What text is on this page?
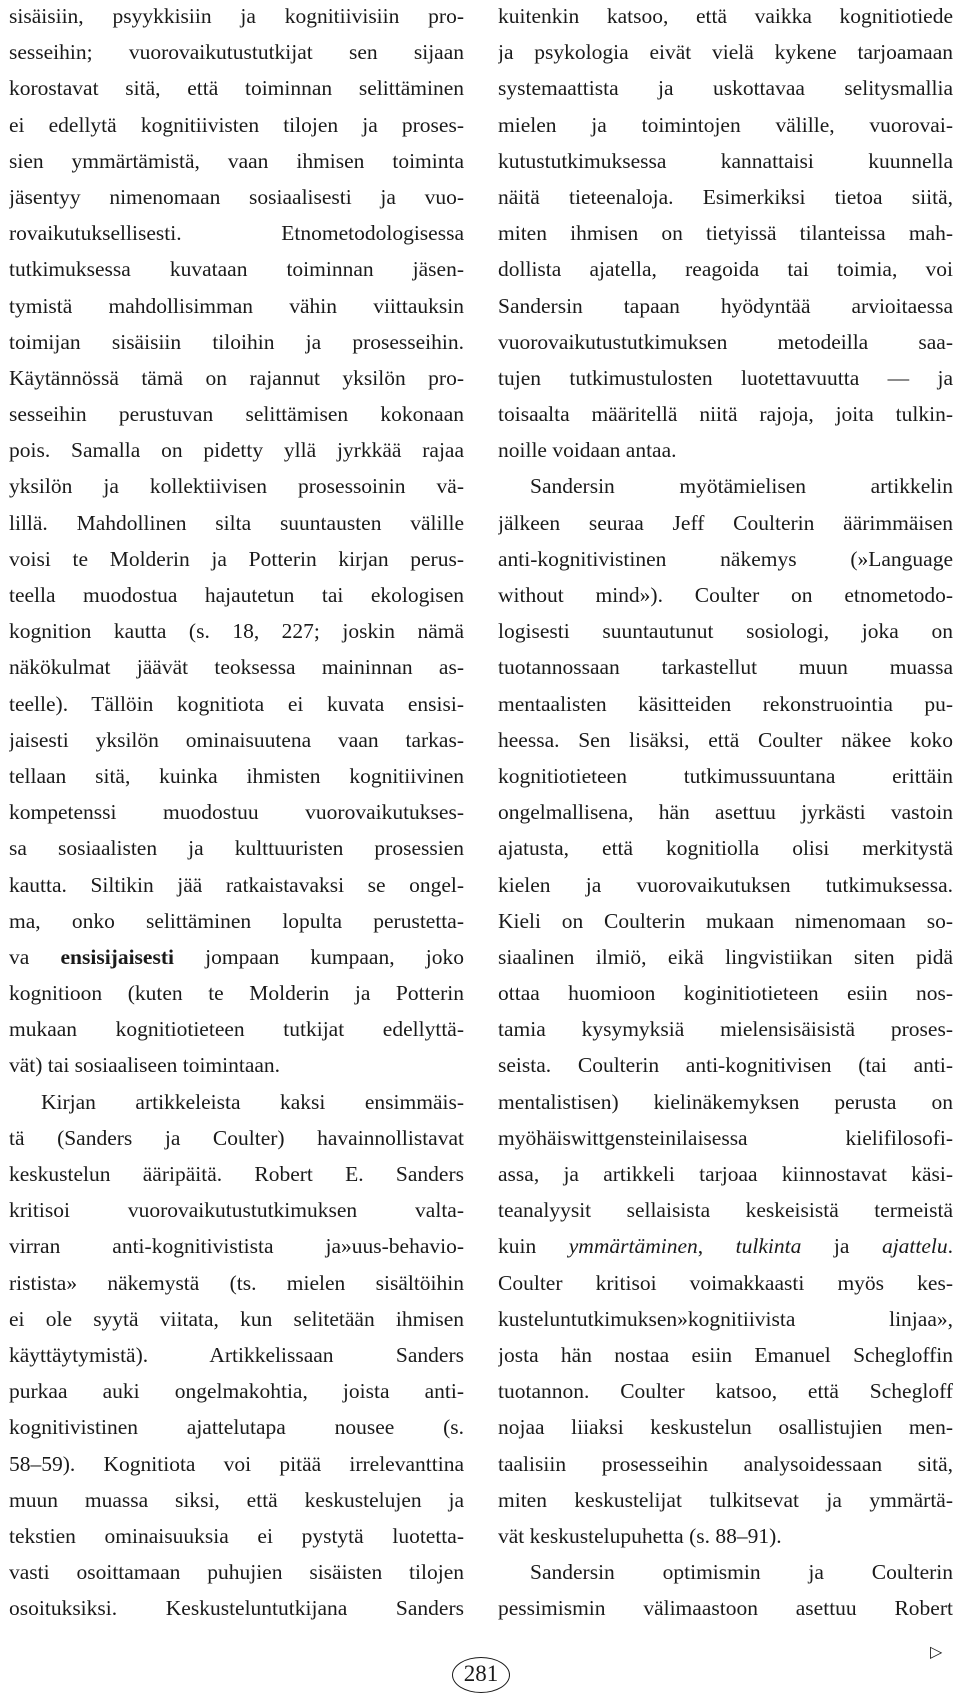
sisäisiin, psyykkisiin ja kognitiivisiin pro-
sesseihin; vuorovaikutustutkijat sen sijaan
korostavat sitä, että toiminnan selittäminen
ei edellytä kognitiivisten tilojen ja proses-
sien ymmärtämistä, vaan ihmisen toiminta
jäsentyy nimenomaan sosiaalisesti ja vuo-
rovaikutuksellisesti. Etnometodologisessa
tutkimuksessa kuvataan toiminnan jäsen-
tymistä mahdollisimman vähin viittauksin
toimijan sisäisiin tiloihin ja prosesseihin.
Käytännössä tämä on rajannut yksilön pro-
sesseihin perustuvan selittämisen kokonaan
pois. Samalla on pidetty yllä jyrkkää rajaa
yksilön ja kollektiivisen prosessoinin vä-
lillä. Mahdollinen silta suuntausten välille
voisi te Molderin ja Potterin kirjan perus-
teella muodostua hajautetun tai ekologisen
kognition kautta (s. 18, 227; joskin nämä
näkökulmat jäävät teoksessa maininnan as-
teelle). Tällöin kognitiota ei kuvata ensisi-
jaisesti yksilön ominaisuutena vaan tarkas-
tellaan sitä, kuinka ihmisten kognitiivinen
kompetenssi muodostuu vuorovaikutukses-
sa sosiaalisten ja kulttuuristen prosessien
kautta. Siltikin jää ratkaistavaksi se ongel-
ma, onko selittäminen lopulta perustetta-
va ensisijaisesti jompaan kumpaan, joko
kognitioon (kuten te Molderin ja Potterin
mukaan kognitiotieteen tutkijat edellyttä-
vät) tai sosiaaliseen toimintaan.
Kirjan artikkeleista kaksi ensimmäis-
tä (Sanders ja Coulter) havainnollistavat
keskustelun ääripäitä. Robert E. Sanders
kritisoi vuorovaikutustutkimuksen valta-
virran anti-kognitivistista ja»uus-behavio-
ristista» näkemystä (ts. mielen sisältöihin
ei ole syytä viitata, kun selitetään ihmisen
käyttäytymistä). Artikkelissaan Sanders
purkaa auki ongelmakohtia, joista anti-
kognitivistinen ajattelutapa nousee (s.
58–59). Kognitiota voi pitää irrelevanttina
muun muassa siksi, että keskustelujen ja
tekstien ominaisuuksia ei pystytä luotetta-
vasti osoittamaan puhujien sisäisten tilojen
osoituksiksi. Keskusteluntutkijana Sanders
kuitenkin katsoo, että vaikka kognitiotiede
ja psykologia eivät vielä kykene tarjoamaan
systemaattista ja uskottavaa selitysmallia
mielen ja toimintojen välille, vuorovai-
kutustutkimuksessa kannattaisi kuunnella
näitä tieteenaloja. Esimerkiksi tietoa siitä,
miten ihmisen on tietyissä tilanteissa mah-
dollista ajatella, reagoida tai toimia, voi
Sandersin tapaan hyödyntää arvioitaessa
vuorovaikutustutkimuksen metodeilla saa-
tujen tutkimustulosten luotettavuutta — ja
toisaalta määritellä niitä rajoja, joita tulkin-
noille voidaan antaa.
Sandersin myötämielisen artikkelin
jälkeen seuraa Jeff Coulterin äärimmäisen
anti-kognitivistinen näkemys (»Language
without mind»). Coulter on etnometodo-
logisesti suuntautunut sosiologi, joka on
tuotannossaan tarkastellut muun muassa
mentaalisten käsitteiden rekonstruointia pu-
heessa. Sen lisäksi, että Coulter näkee koko
kognitiotieteen tutkimussuuntana erittäin
ongelmallisena, hän asettuu jyrkästi vastoin
ajatusta, että kognitiolla olisi merkitystä
kielen ja vuorovaikutuksen tutkimuksessa.
Kieli on Coulterin mukaan nimenomaan so-
siaalinen ilmiö, eikä lingvistiikan siten pidä
ottaa huomioon koginitiotieteen esiin nos-
tamia kysymyksiä mielensisäisistä proses-
seista. Coulterin anti-kognitivisen (tai anti-
mentalistisen) kielinäkemyksen perusta on
myöhäiswittgensteinilaisessa kielifilosofi-
assa, ja artikkeli tarjoaa kiinnostavat käsi-
teanalyysit sellaisista keskeisistä termeistä
kuin ymmärtäminen, tulkinta ja ajattelu.
Coulter kritisoi voimakkaasti myös kes-
kusteluntutkimuksen»kognitiivista linjaa»,
josta hän nostaa esiin Emanuel Schegloffin
tuotannon. Coulter katsoo, että Schegloff
nojaa liiaksi keskustelun osallistujien men-
taalisiin prosesseihin analysoidessaan sitä,
miten keskustelijat tulkitsevat ja ymmärtä-
vät keskustelupuhetta (s. 88–91).
Sandersin optimismin ja Coulterin
pessimismin välimaastoon asettuu Robert
▷
281
